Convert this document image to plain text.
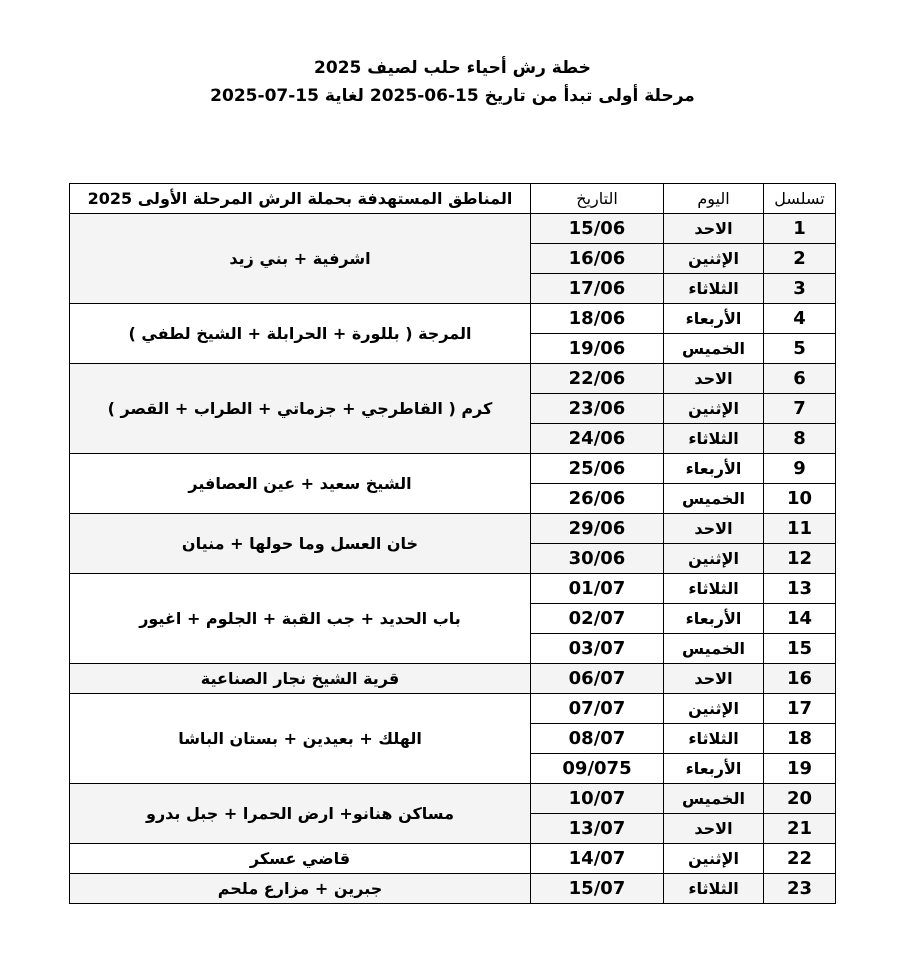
خطة رش أحياء حلب لصيف 2025
مرحلة أولى تبدأ من تاريخ 15-06-2025 لغاية 15-07-2025
تسلسل	اليوم	التاريخ	المناطق المستهدفة بحملة الرش المرحلة الأولى 2025
1	الاحد	15/06	اشرفية + بني زيد
2	الإثنين	16/06	
3	الثلاثاء	17/06	
4	الأربعاء	18/06	المرجة ( بللورة + الحرابلة + الشيخ لطفي )
5	الخميس	19/06	
6	الاحد	22/06	كرم ( القاطرجي + جزماتي + الطراب + القصر )
7	الإثنين	23/06	
8	الثلاثاء	24/06	
9	الأربعاء	25/06	الشيخ سعيد + عين العصافير
10	الخميس	26/06	
11	الاحد	29/06	خان العسل وما حولها + منيان
12	الإثنين	30/06	
13	الثلاثاء	01/07	باب الحديد + جب القبة + الجلوم + اغيور
14	الأربعاء	02/07	
15	الخميس	03/07	
16	الاحد	06/07	قرية الشيخ نجار الصناعية
17	الإثنين	07/07	الهلك + بعيدين + بستان الباشا
18	الثلاثاء	08/07	
19	الأربعاء	09/075	
20	الخميس	10/07	مساكن هنانو+ ارض الحمرا + جبل بدرو
21	الاحد	13/07	
22	الإثنين	14/07	قاضي عسكر
23	الثلاثاء	15/07	جبرين + مزارع ملحم
